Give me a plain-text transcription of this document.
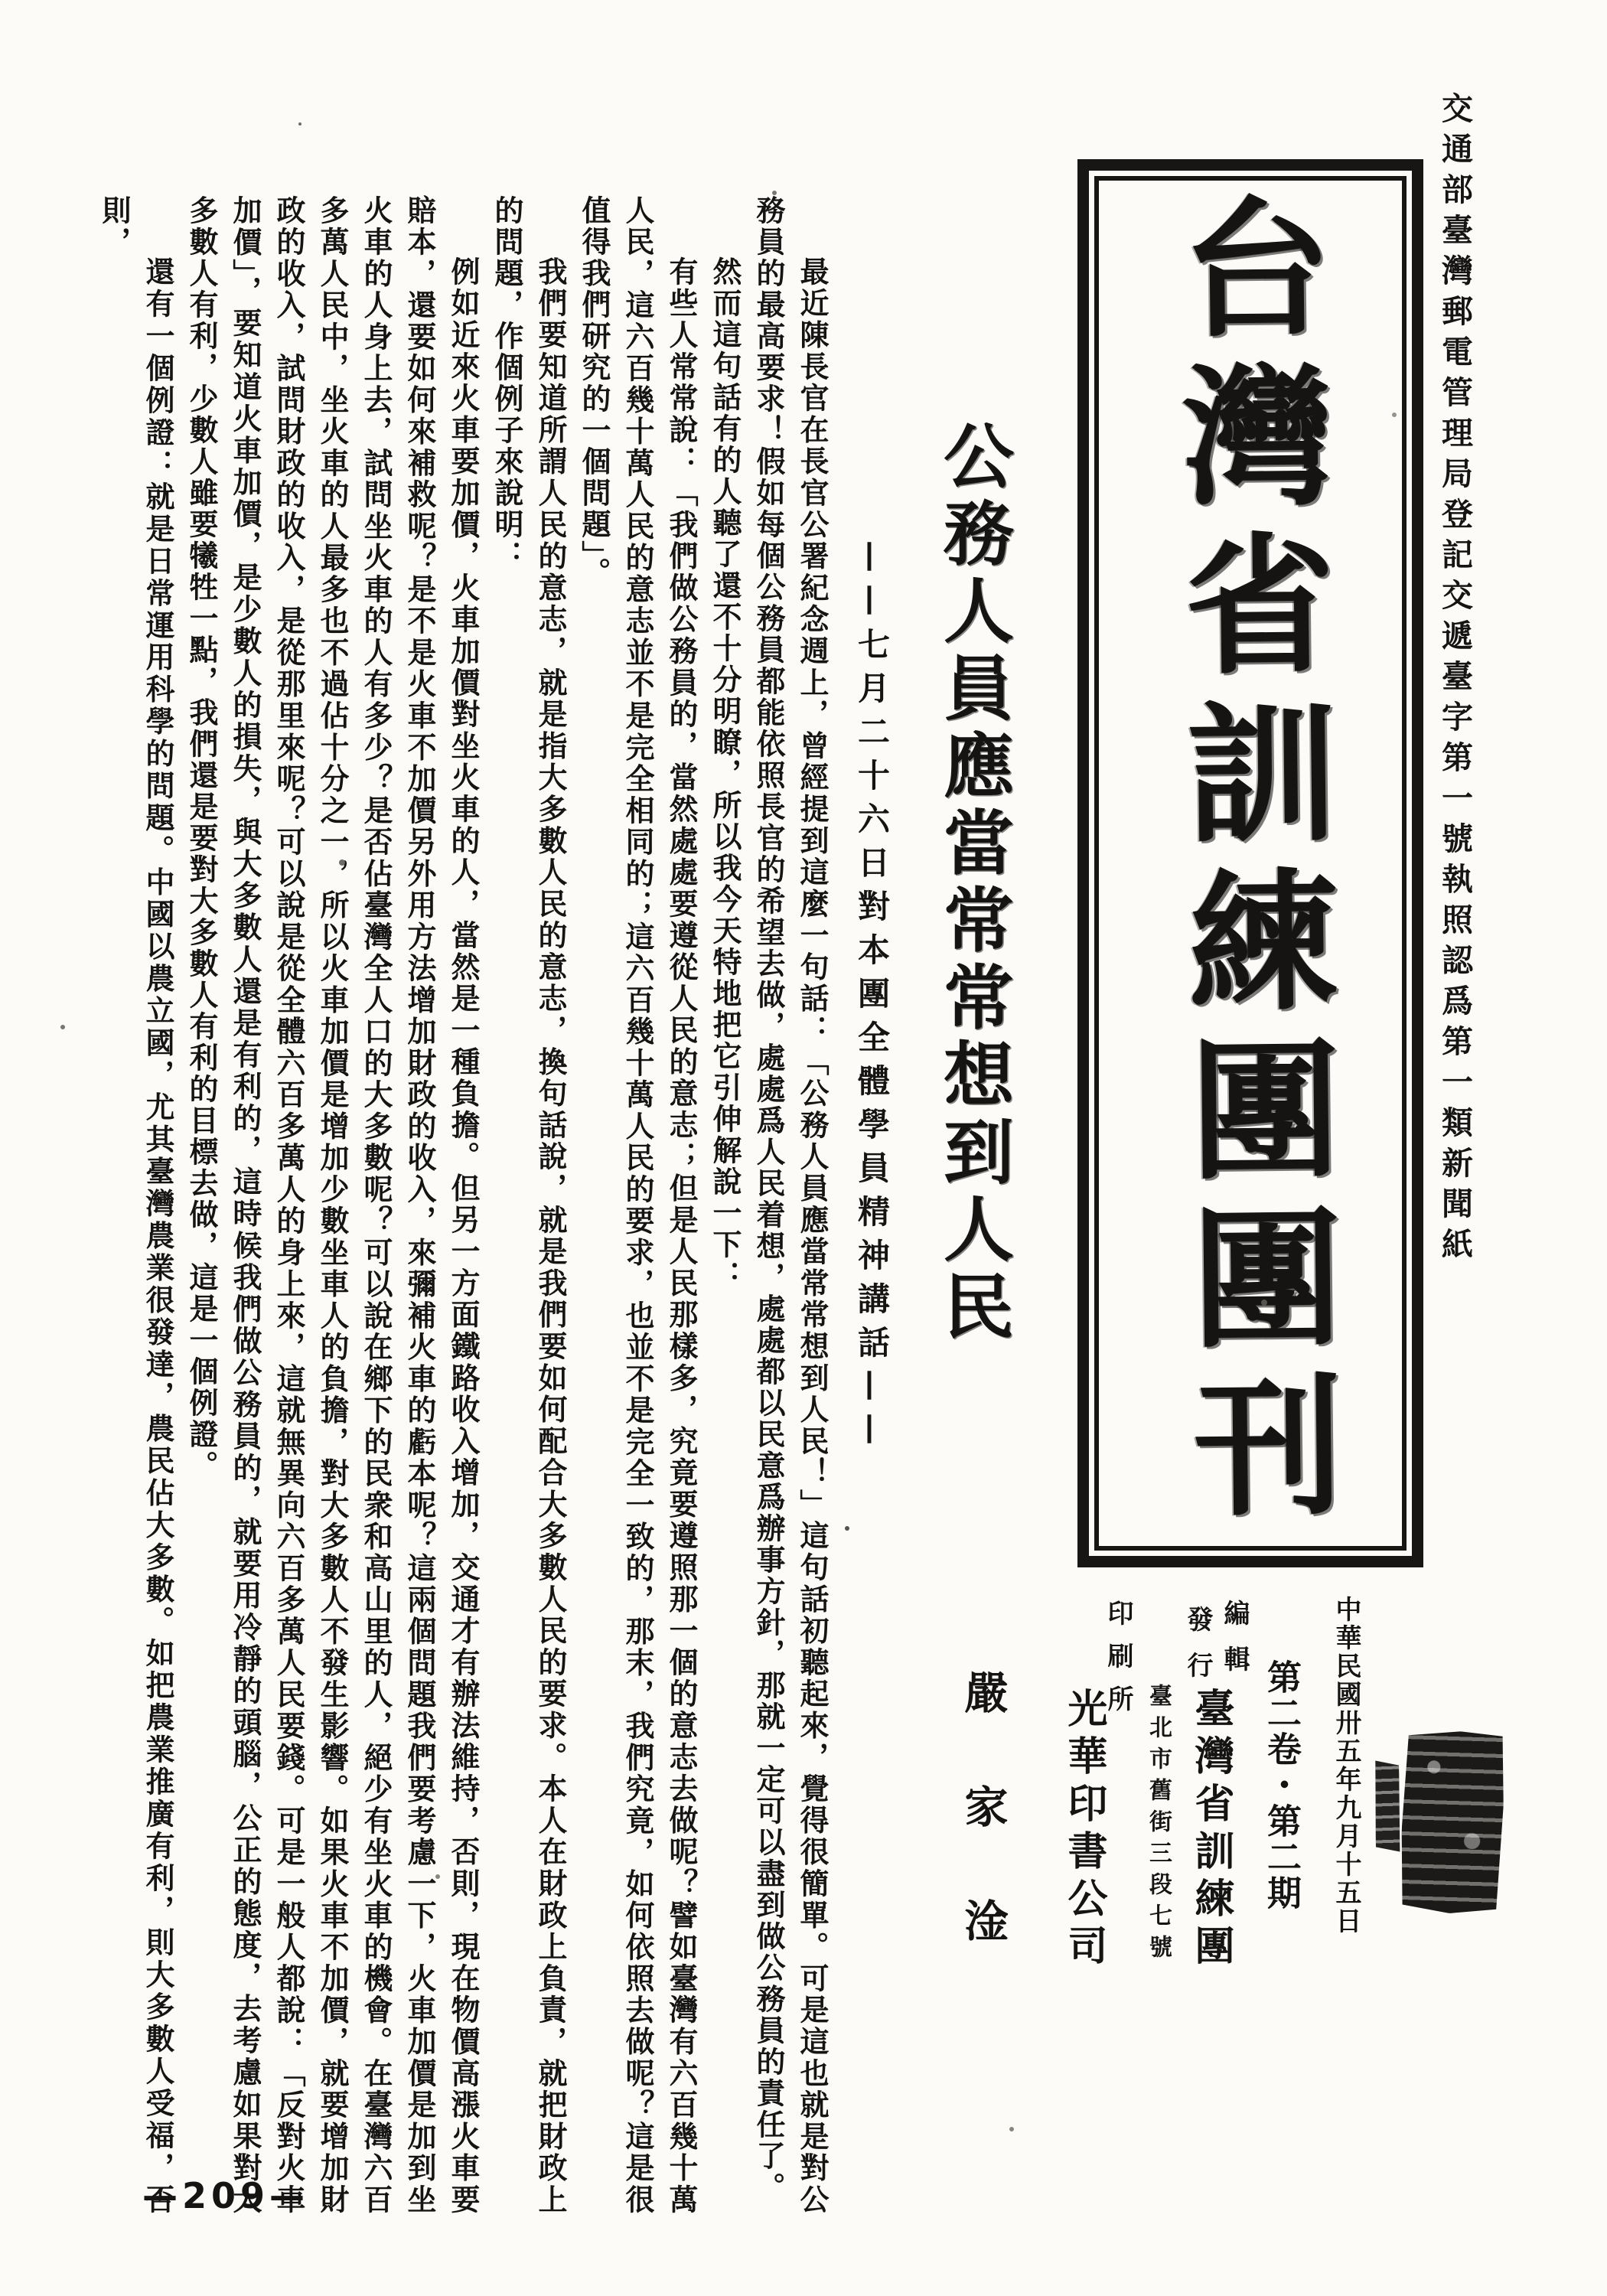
交通部臺灣郵電管理局登記交遞臺字第一號執照認爲第一類新聞紙
台灣省訓練團團刊
中華民國卅五年九月十五日
第二卷・第二期
編輯
發行
臺灣省訓練團
臺北市舊街三段七號
印刷所
光華印書公司
公務人員應當常常想到人民
——七月二十六日對本團全體學員精神講話——
嚴家淦

最近陳長官在長官公署紀念週上，曾經提到這麼一句話：「公務人員應當常常想到人民！」這句話初聽起來，覺得很簡單。可是這也就是對公務員的最高要求！假如每個公務員都能依照長官的希望去做，處處爲人民着想，處處都以民意爲辦事方針，那就一定可以盡到做公務員的責任了。

然而這句話有的人聽了還不十分明瞭，所以我今天特地把它引伸解說一下：

有些人常常說：「我們做公務員的，當然處處要遵從人民的意志；但是人民那樣多，究竟要遵照那一個的意志去做呢？譬如臺灣有六百幾十萬人民，這六百幾十萬人民的意志並不是完全相同的；這六百幾十萬人民的要求，也並不是完全一致的，那末，我們究竟，如何依照去做呢？這是很值得我們研究的一個問題」。

我們要知道所謂人民的意志，就是指大多數人民的意志，換句話說，就是我們要如何配合大多數人民的要求。本人在財政上負責，就把財政上的問題，作個例子來說明：

例如近來火車要加價，火車加價對坐火車的人，當然是一種負擔。但另一方面鐵路收入增加，交通才有辦法維持，否則，現在物價高漲火車要賠本，還要如何來補救呢？是不是火車不加價另外用方法增加財政的收入，來彌補火車的虧本呢？這兩個問題我們要考慮一下，火車加價是加到坐火車的人身上去，試問坐火車的人有多少？是否佔臺灣全人口的大多數呢？可以說在鄉下的民衆和高山里的人，絕少有坐火車的機會。在臺灣六百多萬人民中，坐火車的人最多也不過佔十分之一，所以火車加價是增加少數坐車人的負擔，對大多數人不發生影響。如果火車不加價，就要增加財政的收入，試問財政的收入，是從那里來呢？可以說是從全體六百多萬人的身上來，這就無異向六百多萬人民要錢。可是一般人都說：「反對火車加價」，要知道火車加價，是少數人的損失，與大多數人還是有利的，這時候我們做公務員的，就要用冷靜的頭腦，公正的態度，去考慮如果對大多數人有利，少數人雖要犧牲一點，我們還是要對大多數人有利的目標去做，這是一個例證。

還有一個例證：就是日常運用科學的問題。中國以農立國，尤其臺灣農業很發達，農民佔大多數。如把農業推廣有利，則大多數人受福，否則，

—209—
